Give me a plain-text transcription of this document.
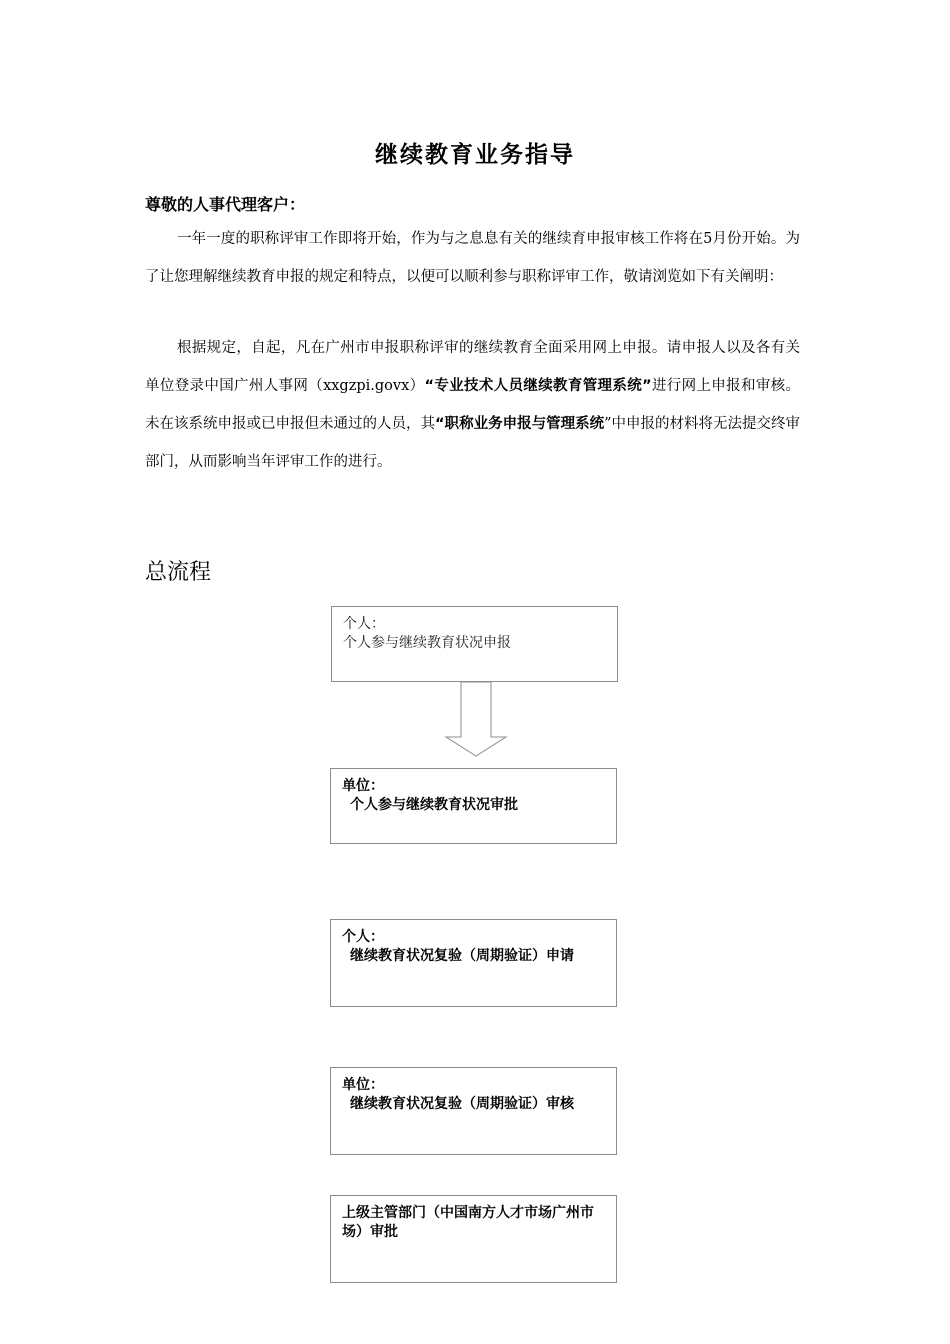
继续教育业务指导
尊敬的人事代理客户：
一年一度的职称评审工作即将开始，作为与之息息有关的继续育申报审核工作将在5月份开始。为了让您理解继续教育申报的规定和特点，以便可以顺利参与职称评审工作，敬请浏览如下有关阐明：
根据规定，自起，凡在广州市申报职称评审的继续教育全面采用网上申报。请申报人以及各有关单位登录中国广州人事网（xxgzpi.govx）“专业技术人员继续教育管理系统”进行网上申报和审核。未在该系统申报或已申报但未通过的人员，其“职称业务申报与管理系统”中申报的材料将无法提交终审部门，从而影响当年评审工作的进行。
总流程
个人：
个人参与继续教育状况申报
单位：
个人参与继续教育状况审批
个人：
继续教育状况复验（周期验证）申请
单位：
继续教育状况复验（周期验证）审核
上级主管部门（中国南方人才市场广州市场）审批
